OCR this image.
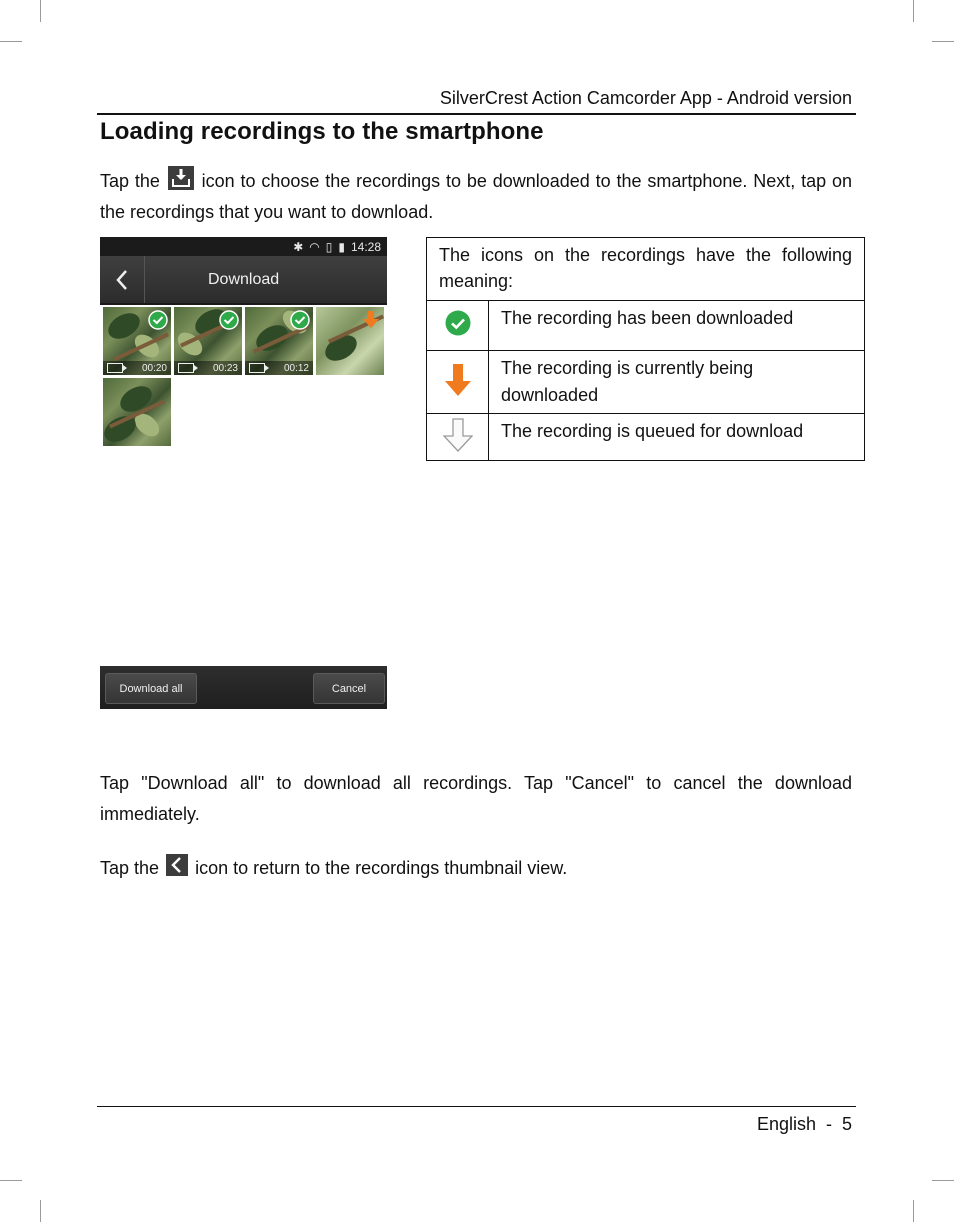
SilverCrest Action Camcorder App - Android version
Loading recordings to the smartphone
Tap the icon to choose the recordings to be downloaded to the smartphone. Next, tap on the recordings that you want to download.
✱ ◠ ▯ ▮ 14:28
Download
00:20	00:23	00:12
The icons on the recordings have the following meaning:	
	The recording has been downloaded
	The recording is currently being downloaded
	The recording is queued for download
Download all	Cancel
Tap "Download all" to download all recordings. Tap "Cancel" to cancel the download immediately.
Tap the icon to return to the recordings thumbnail view.
English  -  5
